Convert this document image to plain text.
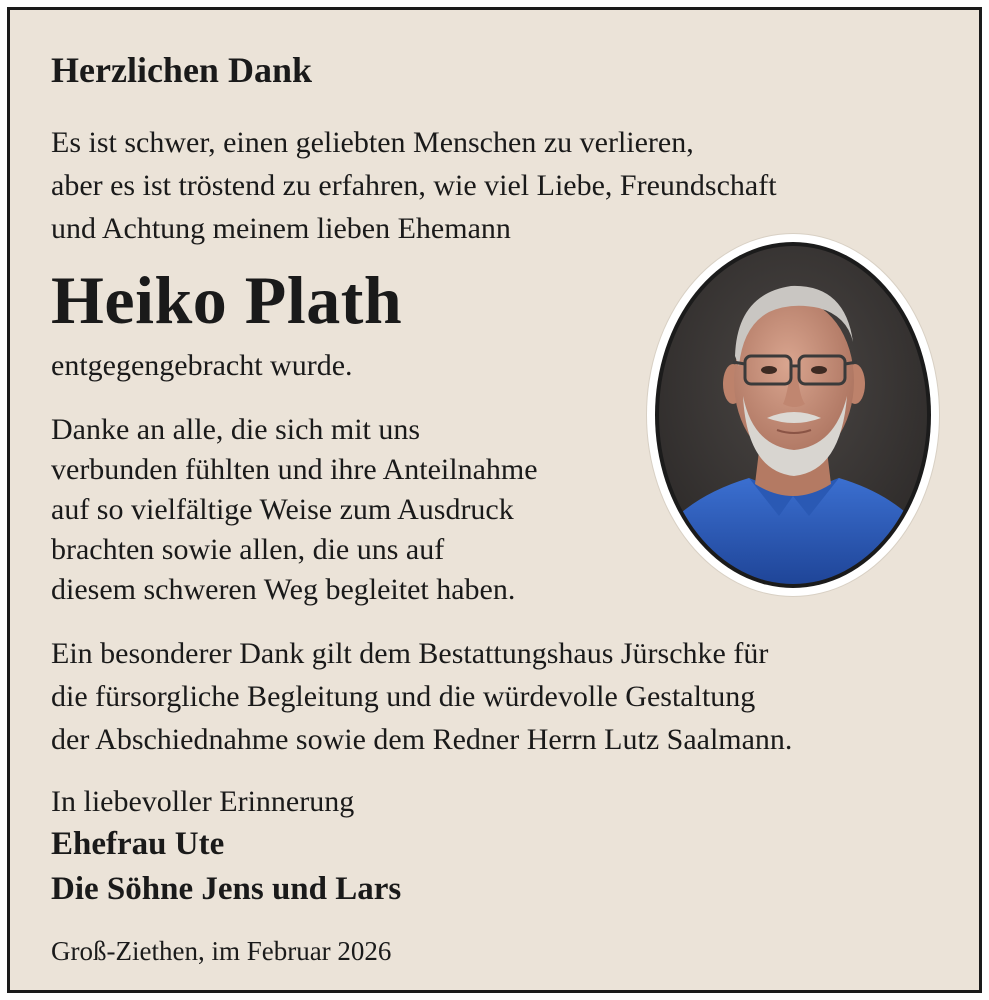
Herzlichen Dank

Es ist schwer, einen geliebten Menschen zu verlieren,
aber es ist tröstend zu erfahren, wie viel Liebe, Freundschaft
und Achtung meinem lieben Ehemann

Heiko Plath

entgegengebracht wurde.

Danke an alle, die sich mit uns
verbunden fühlten und ihre Anteilnahme
auf so vielfältige Weise zum Ausdruck
brachten sowie allen, die uns auf
diesem schweren Weg begleitet haben.

Ein besonderer Dank gilt dem Bestattungshaus Jürschke für
die fürsorgliche Begleitung und die würdevolle Gestaltung
der Abschiednahme sowie dem Redner Herrn Lutz Saalmann.

In liebevoller Erinnerung

Ehefrau Ute
Die Söhne Jens und Lars

Groß-Ziethen, im Februar 2026
